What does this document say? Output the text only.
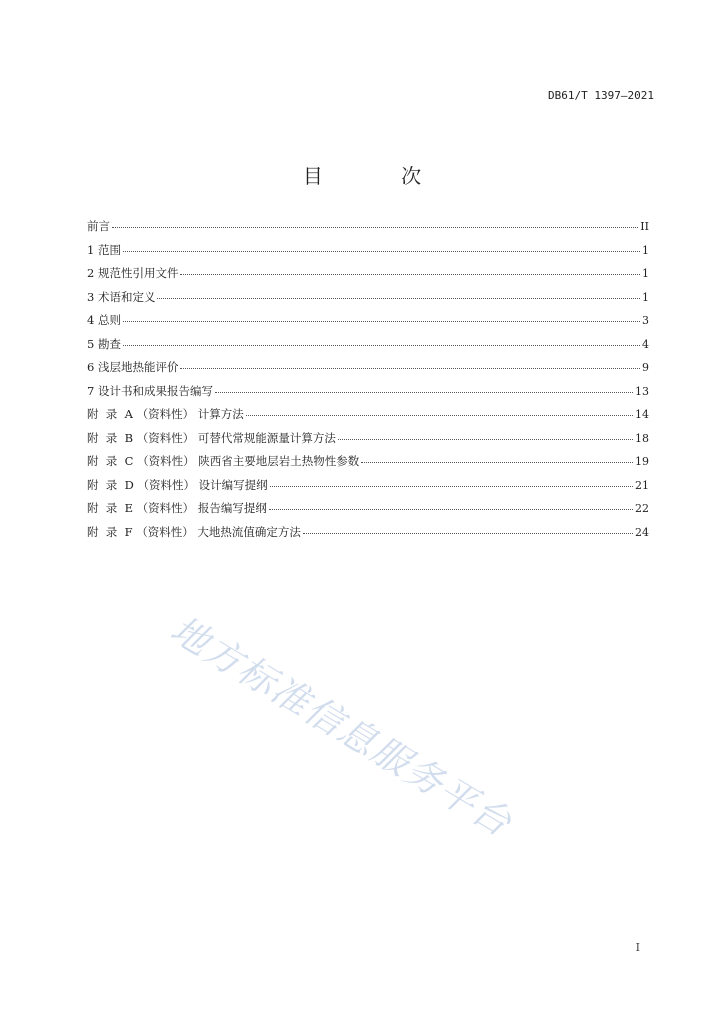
DB61/T 1397—2021
目 次
前言	II
1 范围	1
2 规范性引用文件	1
3 术语和定义	1
4 总则	3
5 勘查	4
6 浅层地热能评价	9
7 设计书和成果报告编写	13
附  录  A （资料性） 计算方法	14
附  录  B （资料性） 可替代常规能源量计算方法	18
附  录  C （资料性） 陕西省主要地层岩土热物性参数	19
附  录  D （资料性） 设计编写提纲	21
附  录  E （资料性） 报告编写提纲	22
附  录  F （资料性） 大地热流值确定方法	24
地方标准信息服务平台
I
